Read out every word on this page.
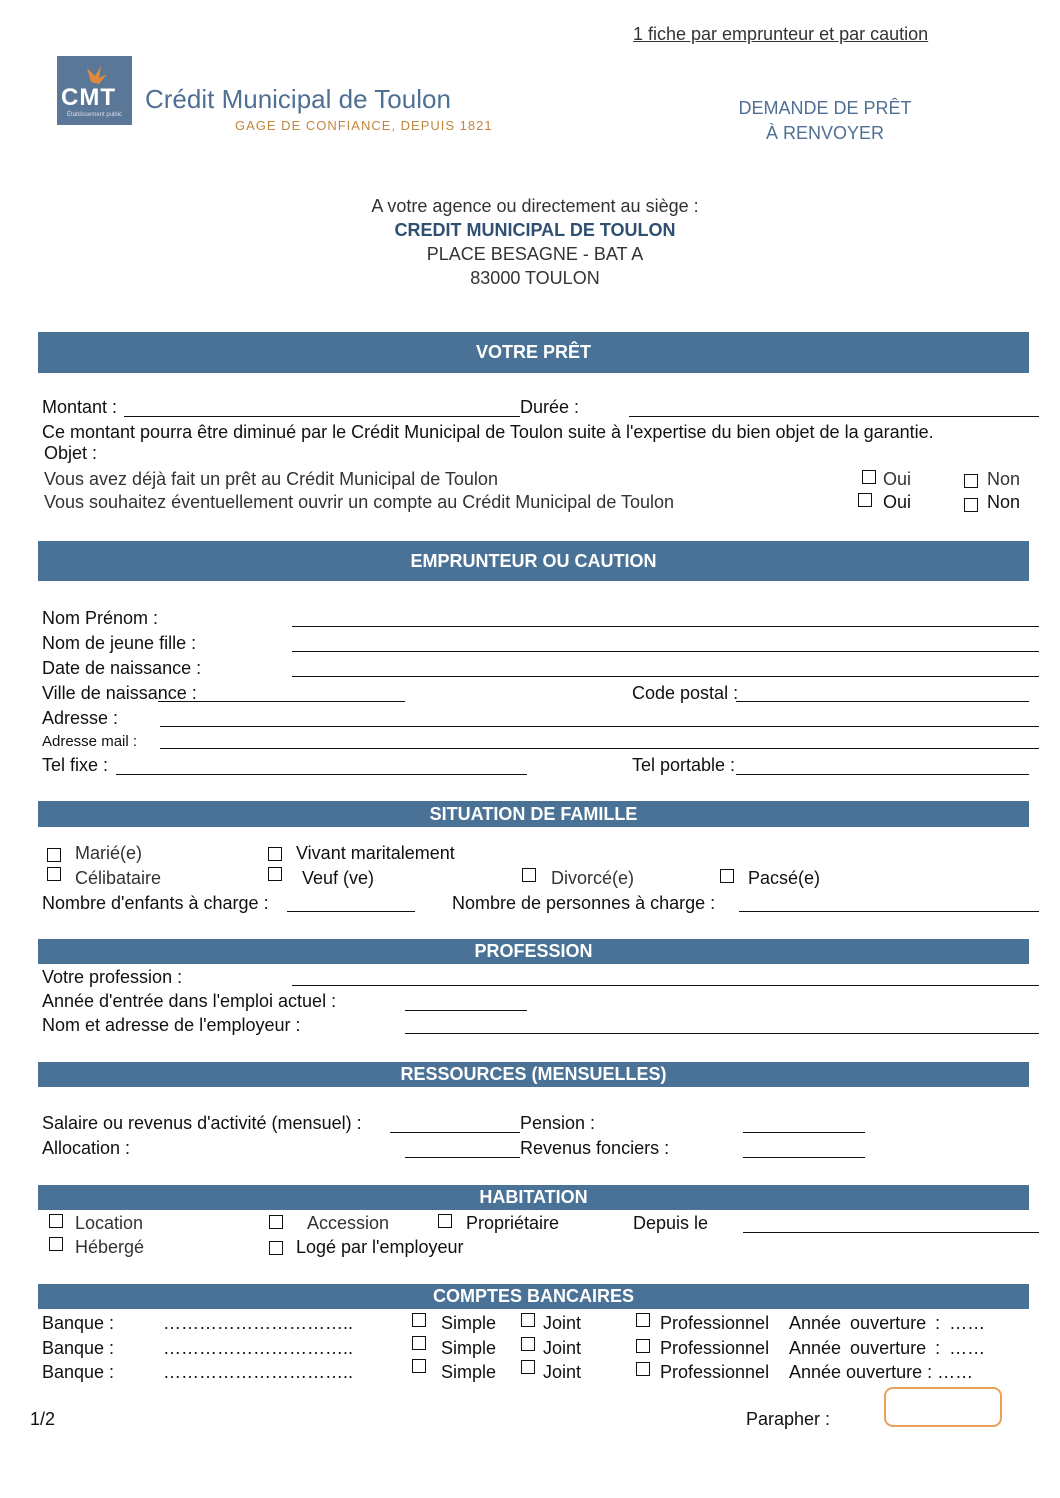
1 fiche par emprunteur et par caution
CMT
Établissement public
Crédit Municipal de Toulon
GAGE DE CONFIANCE, DEPUIS 1821
DEMANDE DE PRÊT
À RENVOYER
A votre agence ou directement au siège :
CREDIT MUNICIPAL DE TOULON
PLACE BESAGNE - BAT A
83000 TOULON
VOTRE PRÊT
Montant :	Durée :
Ce montant pourra être diminué par le Crédit Municipal de Toulon suite à l'expertise du bien objet de la garantie.
Objet :
Vous avez déjà fait un prêt au Crédit Municipal de Toulon	Oui	Non
Vous souhaitez éventuellement ouvrir un compte au Crédit Municipal de Toulon	Oui	Non
EMPRUNTEUR OU CAUTION
Nom Prénom :
Nom de jeune fille :
Date de naissance :
Ville de naissance :	Code postal :
Adresse :
Adresse mail :
Tel fixe :	Tel portable :
SITUATION DE FAMILLE
Marié(e)	Vivant maritalement
Célibataire	Veuf (ve)	Divorcé(e)	Pacsé(e)
Nombre d'enfants à charge :	Nombre de personnes à charge :
PROFESSION
Votre profession :
Année d'entrée dans l'emploi actuel :
Nom et adresse de l'employeur :
RESSOURCES (MENSUELLES)
Salaire ou revenus d'activité (mensuel) :	Pension :
Allocation :	Revenus fonciers :
HABITATION
Location	Accession	Propriétaire	Depuis le
Hébergé	Logé par l'employeur
COMPTES BANCAIRES
Banque :	…………………………..	Simple	Joint	Professionnel Année ouverture : ……
Banque :	…………………………..	Simple	Joint	Professionnel Année ouverture : ……
Banque :	…………………………..	Simple	Joint	Professionnel Année ouverture : ……
1/2	Parapher :
